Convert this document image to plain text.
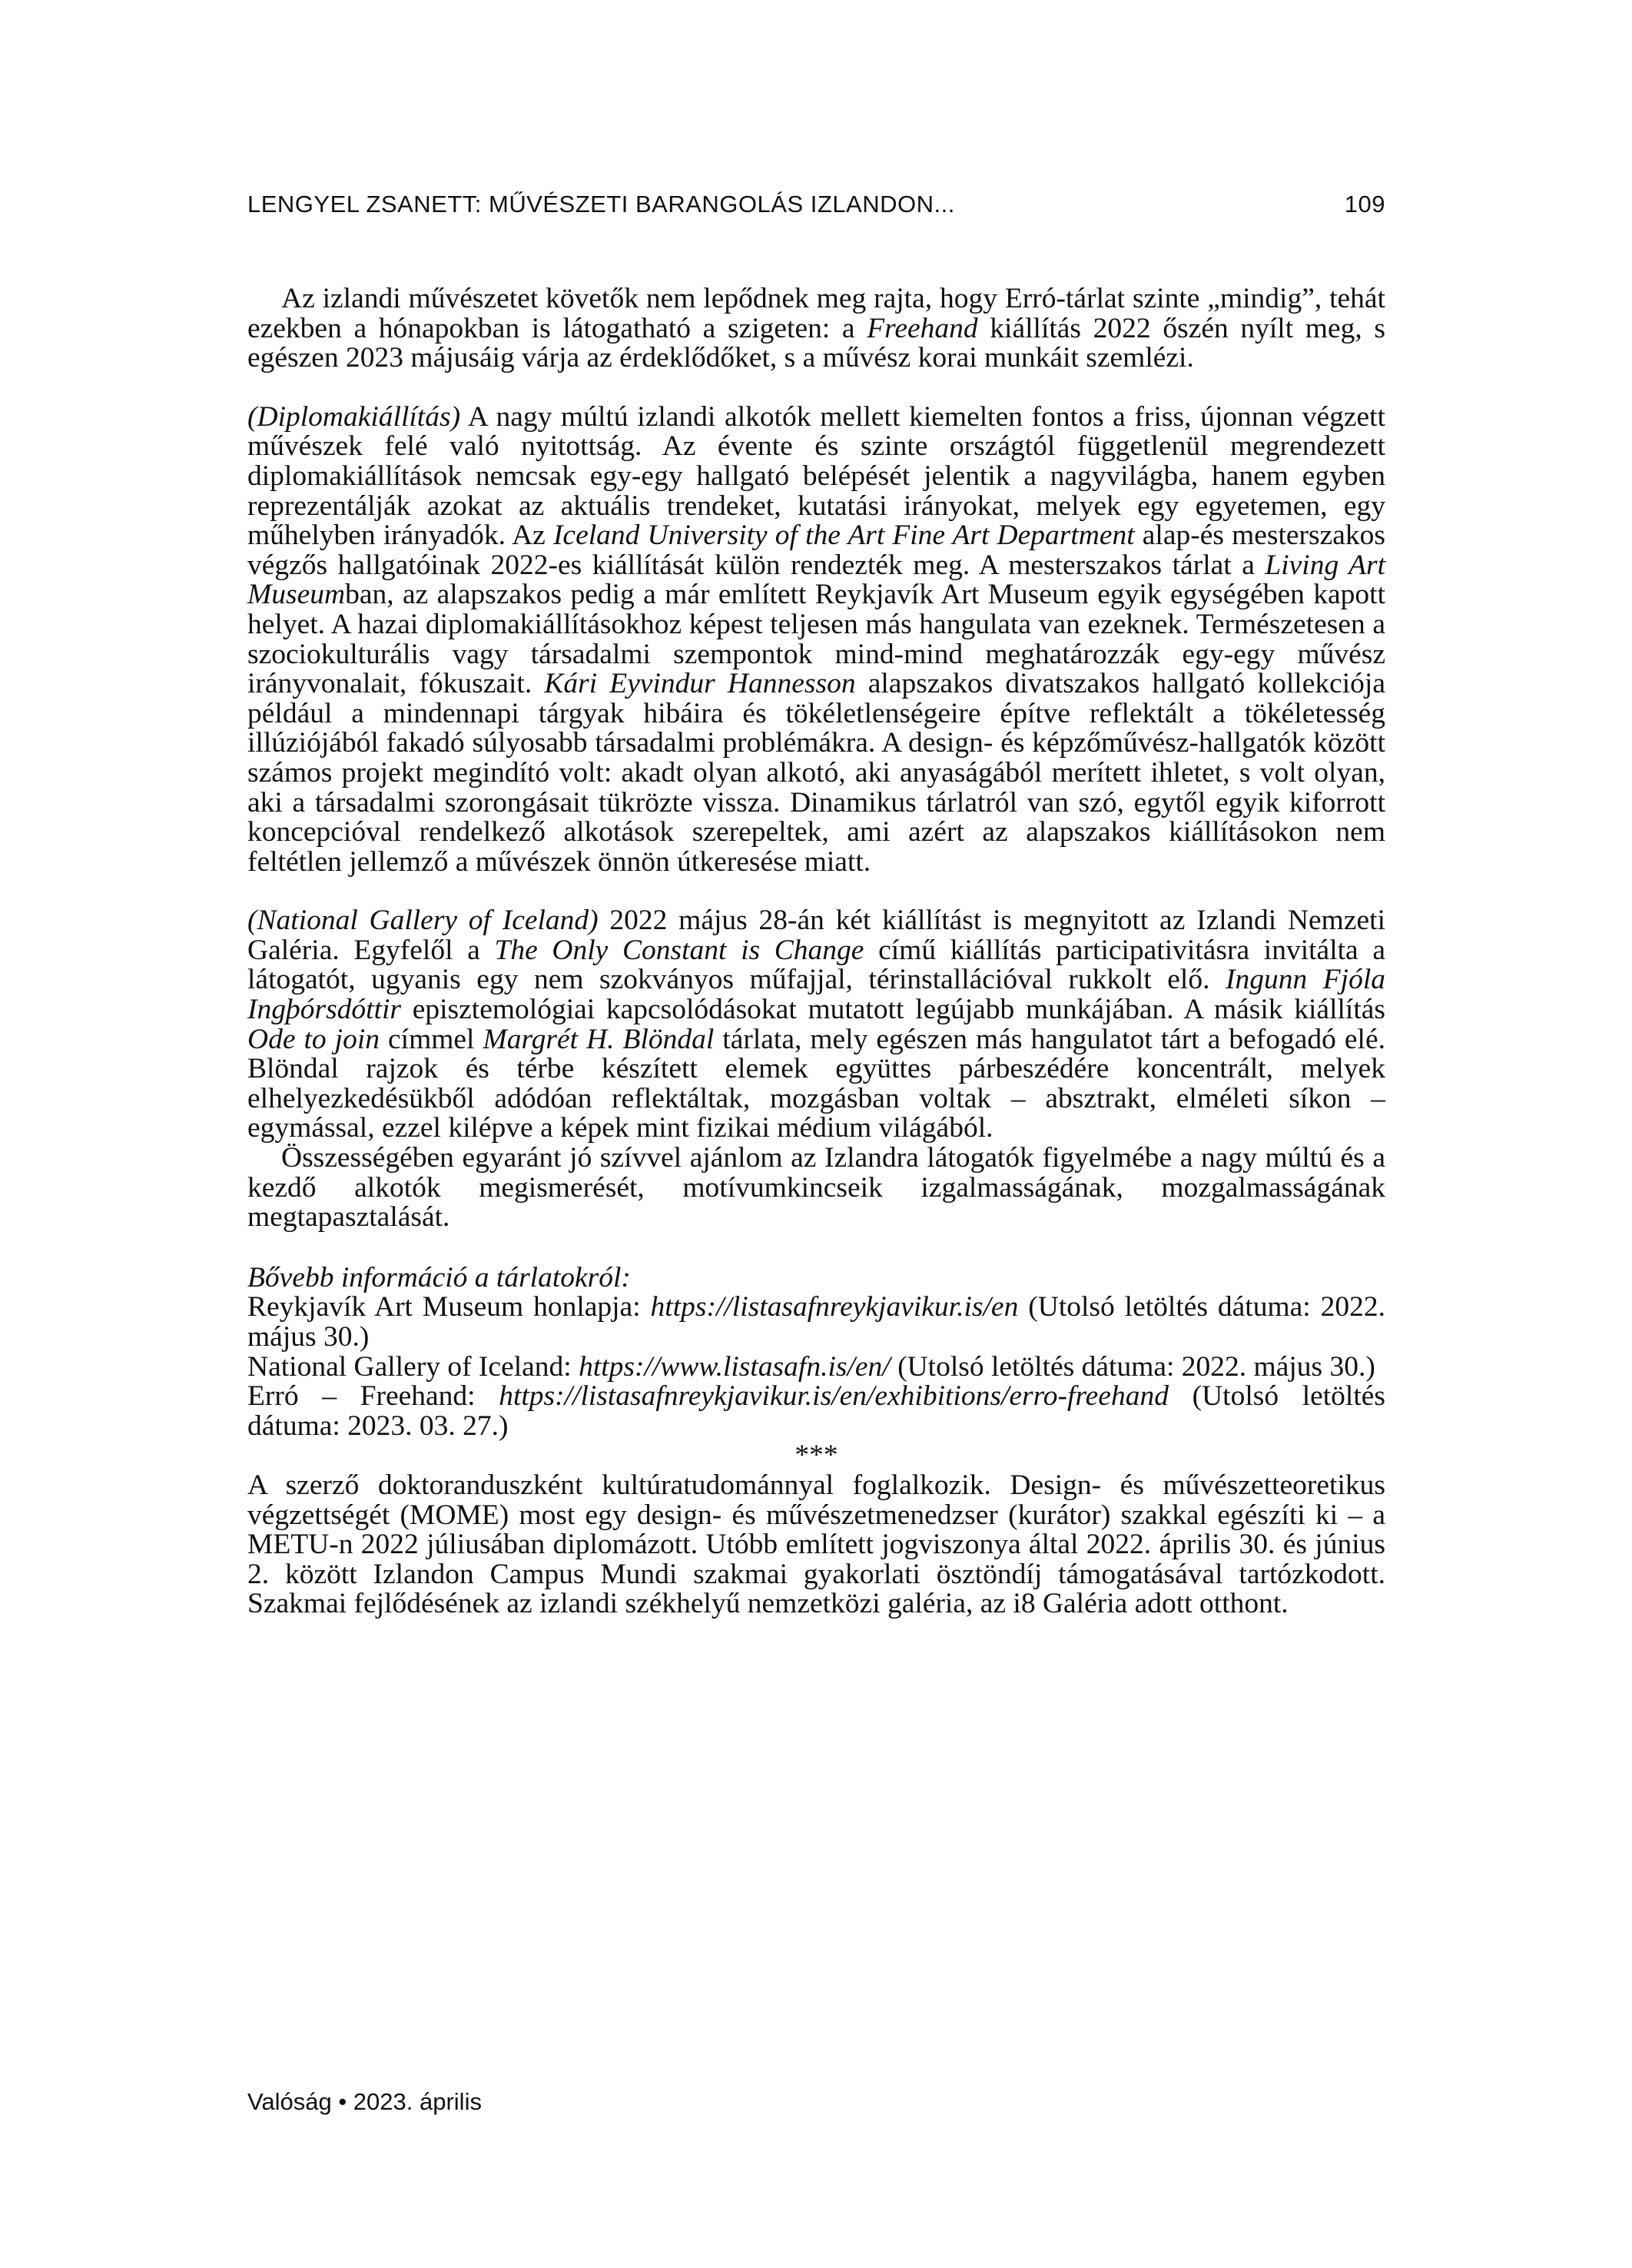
LENGYEL ZSANETT: MŰVÉSZETI BARANGOLÁS IZLANDON...	109

Az izlandi művészetet követők nem lepődnek meg rajta, hogy Erró-tárlat szinte „mindig”, tehát ezekben a hónapokban is látogatható a szigeten: a Freehand kiállítás 2022 őszén nyílt meg, s egészen 2023 májusáig várja az érdeklődőket, s a művész korai munkáit szemlézi.

(Diplomakiállítás) A nagy múltú izlandi alkotók mellett kiemelten fontos a friss, újonnan végzett művészek felé való nyitottság. Az évente és szinte országtól függetlenül megrendezett diplomakiállítások nemcsak egy-egy hallgató belépését jelentik a nagyvilágba, hanem egyben reprezentálják azokat az aktuális trendeket, kutatási irányokat, melyek egy egyetemen, egy műhelyben irányadók. Az Iceland University of the Art Fine Art Department alap-és mesterszakos végzős hallgatóinak 2022-es kiállítását külön rendezték meg. A mesterszakos tárlat a Living Art Museumban, az alapszakos pedig a már említett Reykjavík Art Museum egyik egységében kapott helyet. A hazai diplomakiállításokhoz képest teljesen más hangulata van ezeknek. Természetesen a szociokulturális vagy társadalmi szempontok mind-mind meghatározzák egy-egy művész irányvonalait, fókuszait. Kári Eyvindur Hannesson alapszakos divatszakos hallgató kollekciója például a mindennapi tárgyak hibáira és tökéletlenségeire építve reflektált a tökéletesség illúziójából fakadó súlyosabb társadalmi problémákra. A design- és képzőművész-hallgatók között számos projekt megindító volt: akadt olyan alkotó, aki anyaságából merített ihletet, s volt olyan, aki a társadalmi szorongásait tükrözte vissza. Dinamikus tárlatról van szó, egytől egyik kiforrott koncepcióval rendelkező alkotások szerepeltek, ami azért az alapszakos kiállításokon nem feltétlen jellemző a művészek önnön útkeresése miatt.

(National Gallery of Iceland) 2022 május 28-án két kiállítást is megnyitott az Izlandi Nemzeti Galéria. Egyfelől a The Only Constant is Change című kiállítás participativitásra invitálta a látogatót, ugyanis egy nem szokványos műfajjal, térinstallációval rukkolt elő. Ingunn Fjóla Ingþórsdóttir episztemológiai kapcsolódásokat mutatott legújabb munkájában. A másik kiállítás Ode to join címmel Margrét H. Blöndal tárlata, mely egészen más hangulatot tárt a befogadó elé. Blöndal rajzok és térbe készített elemek együttes párbeszédére koncentrált, melyek elhelyezkedésükből adódóan reflektáltak, mozgásban voltak – absztrakt, elméleti síkon – egymással, ezzel kilépve a képek mint fizikai médium világából.

Összességében egyaránt jó szívvel ajánlom az Izlandra látogatók figyelmébe a nagy múltú és a kezdő alkotók megismerését, motívumkincseik izgalmasságának, mozgalmasságának megtapasztalását.

Bővebb információ a tárlatokról:

Reykjavík Art Museum honlapja: https://listasafnreykjavikur.is/en (Utolsó letöltés dátuma: 2022. május 30.)

National Gallery of Iceland: https://www.listasafn.is/en/ (Utolsó letöltés dátuma: 2022. május 30.)

Erró – Freehand: https://listasafnreykjavikur.is/en/exhibitions/erro-freehand (Utolsó letöltés dátuma: 2023. 03. 27.)

***

A szerző doktoranduszként kultúratudománnyal foglalkozik. Design- és művészetteoretikus végzettségét (MOME) most egy design- és művészetmenedzser (kurátor) szakkal egészíti ki – a METU-n 2022 júliusában diplomázott. Utóbb említett jogviszonya által 2022. április 30. és június 2. között Izlandon Campus Mundi szakmai gyakorlati ösztöndíj támogatásával tartózkodott. Szakmai fejlődésének az izlandi székhelyű nemzetközi galéria, az i8 Galéria adott otthont.

Valóság • 2023. április
